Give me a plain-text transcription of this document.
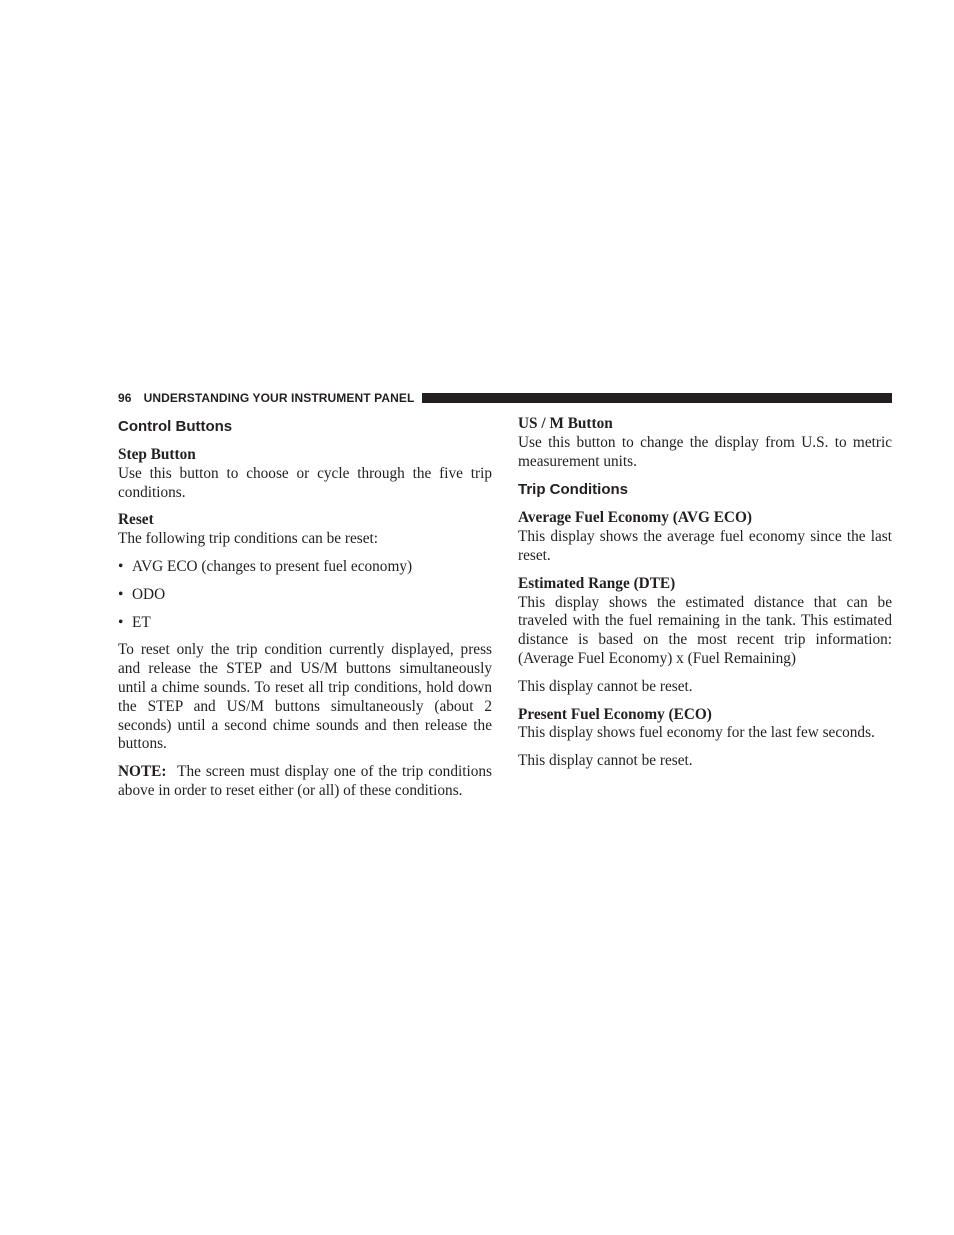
96 UNDERSTANDING YOUR INSTRUMENT PANEL
Control Buttons
Step Button

Use this button to choose or cycle through the five trip conditions.

Reset

The following trip conditions can be reset:

• AVG ECO (changes to present fuel economy)
• ODO
• ET

To reset only the trip condition currently displayed, press and release the STEP and US/M buttons simultaneously until a chime sounds. To reset all trip conditions, hold down the STEP and US/M buttons simultaneously (about 2 seconds) until a second chime sounds and then release the buttons.

NOTE: The screen must display one of the trip conditions above in order to reset either (or all) of these conditions.

US / M Button

Use this button to change the display from U.S. to metric measurement units.

Trip Conditions
Average Fuel Economy (AVG ECO)

This display shows the average fuel economy since the last reset.

Estimated Range (DTE)

This display shows the estimated distance that can be traveled with the fuel remaining in the tank. This estimated distance is based on the most recent trip information: (Average Fuel Economy) x (Fuel Remaining)

This display cannot be reset.

Present Fuel Economy (ECO)

This display shows fuel economy for the last few seconds.

This display cannot be reset.
